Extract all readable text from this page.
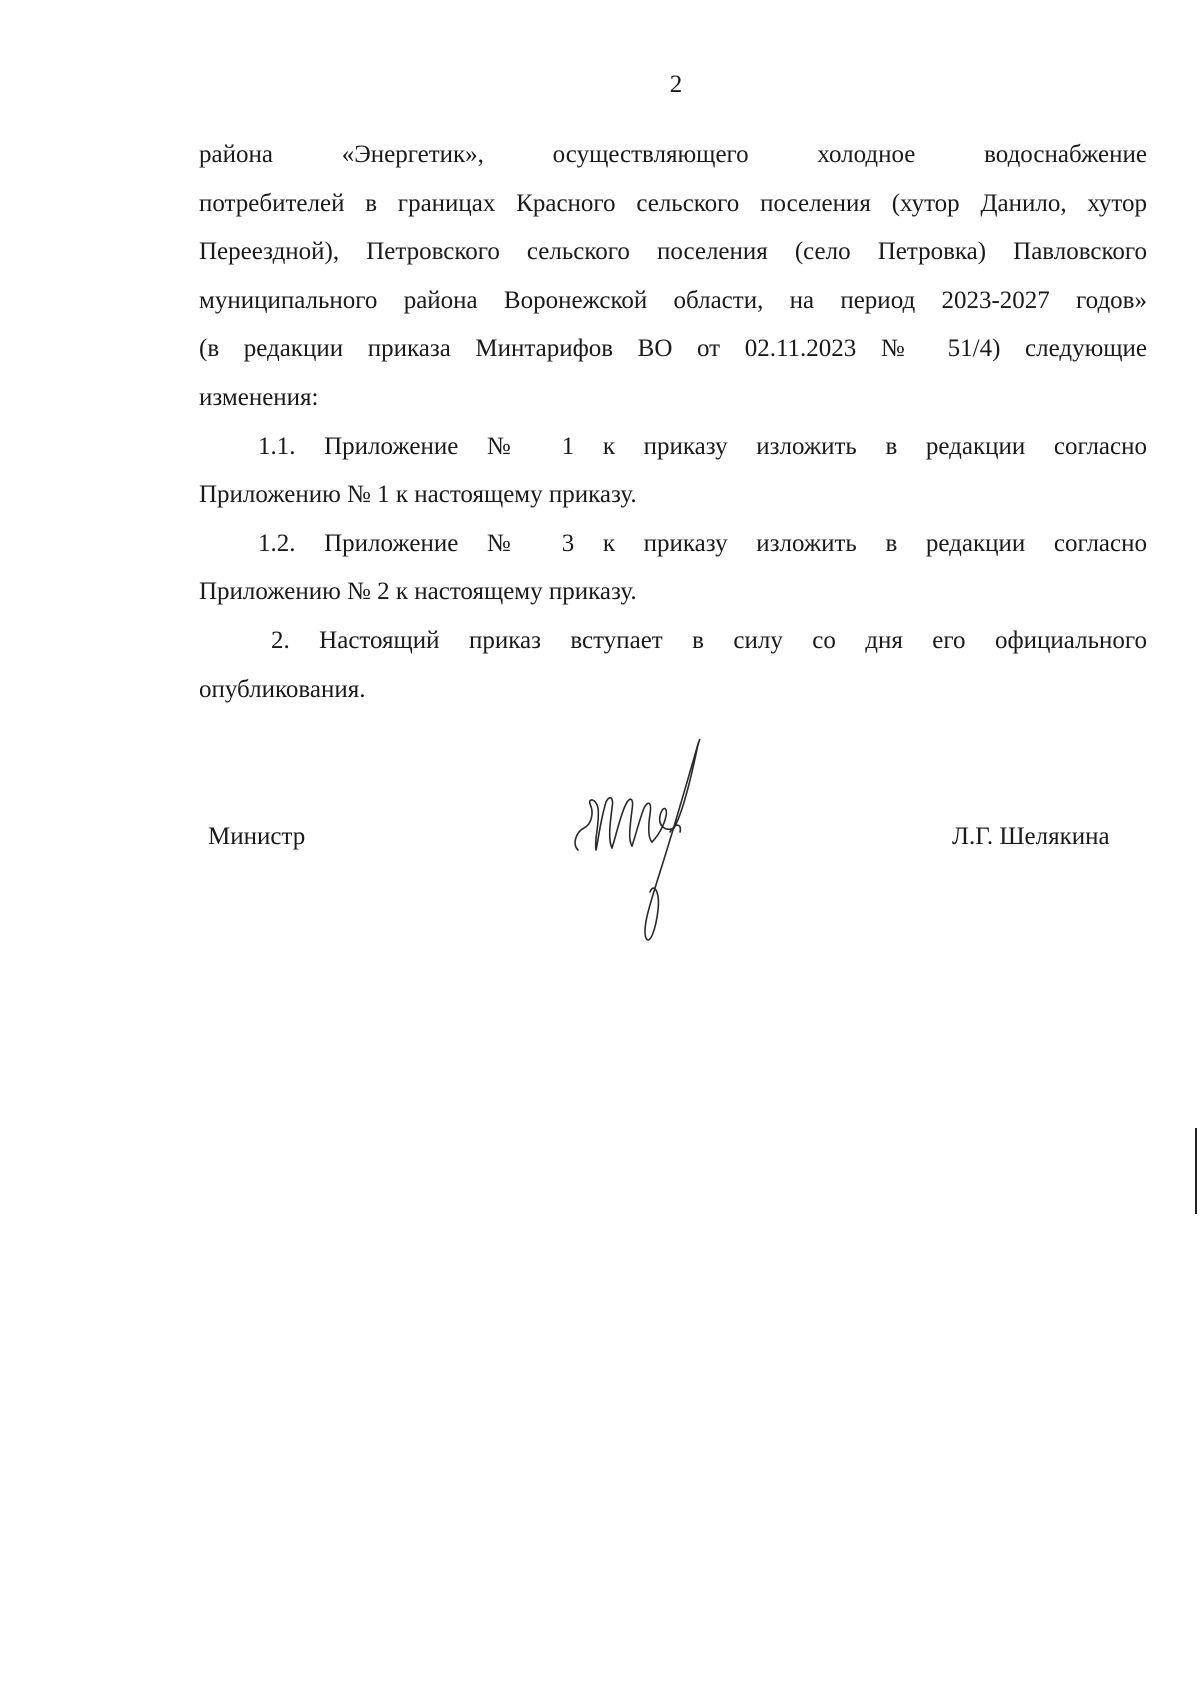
2

района «Энергетик», осуществляющего холодное водоснабжение
потребителей в границах Красного сельского поселения (хутор Данило, хутор
Переездной), Петровского сельского поселения (село Петровка) Павловского
муниципального района Воронежской области, на период 2023-2027 годов»
(в редакции приказа Минтарифов ВО от 02.11.2023 № 51/4) следующие
изменения:

1.1. Приложение № 1 к приказу изложить в редакции согласно
Приложению № 1 к настоящему приказу.

1.2. Приложение № 3 к приказу изложить в редакции согласно
Приложению № 2 к настоящему приказу.

2. Настоящий приказ вступает в силу со дня его официального
опубликования.

Министр	Л.Г. Шелякина
